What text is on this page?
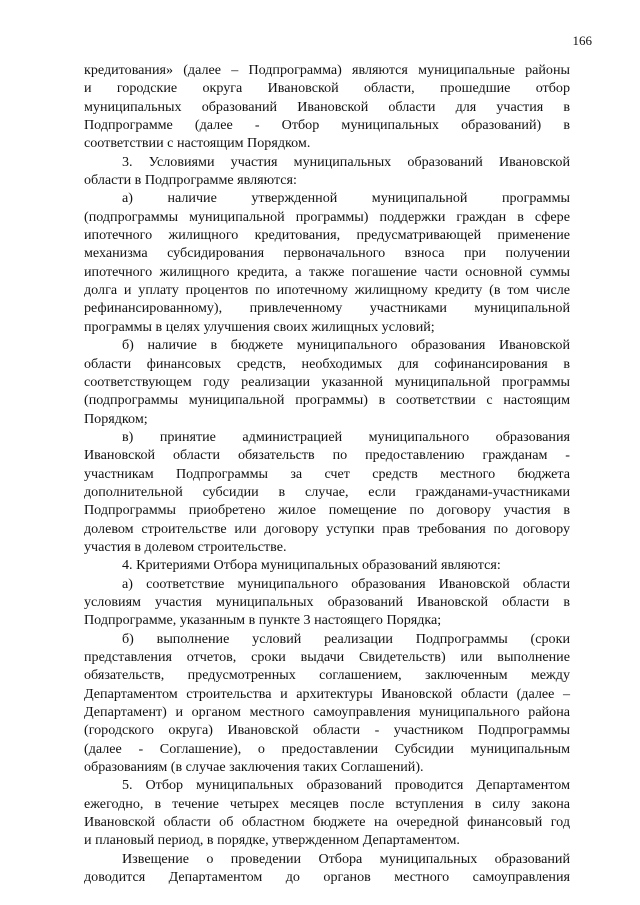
166
кредитования» (далее – Подпрограмма) являются муниципальные районы
и городские округа Ивановской области, прошедшие отбор
муниципальных образований Ивановской области для участия в
Подпрограмме (далее - Отбор муниципальных образований) в
соответствии с настоящим Порядком.
3. Условиями участия муниципальных образований Ивановской
области в Подпрограмме являются:
а) наличие утвержденной муниципальной программы
(подпрограммы муниципальной программы) поддержки граждан в сфере
ипотечного жилищного кредитования, предусматривающей применение
механизма субсидирования первоначального взноса при получении
ипотечного жилищного кредита, а также погашение части основной суммы
долга и уплату процентов по ипотечному жилищному кредиту (в том числе
рефинансированному), привлеченному участниками муниципальной
программы в целях улучшения своих жилищных условий;
б) наличие в бюджете муниципального образования Ивановской
области финансовых средств, необходимых для софинансирования в
соответствующем году реализации указанной муниципальной программы
(подпрограммы муниципальной программы) в соответствии с настоящим
Порядком;
в) принятие администрацией муниципального образования
Ивановской области обязательств по предоставлению гражданам -
участникам Подпрограммы за счет средств местного бюджета
дополнительной субсидии в случае, если гражданами-участниками
Подпрограммы приобретено жилое помещение по договору участия в
долевом строительстве или договору уступки прав требования по договору
участия в долевом строительстве.
4. Критериями Отбора муниципальных образований являются:
а) соответствие муниципального образования Ивановской области
условиям участия муниципальных образований Ивановской области в
Подпрограмме, указанным в пункте 3 настоящего Порядка;
б) выполнение условий реализации Подпрограммы (сроки
представления отчетов, сроки выдачи Свидетельств) или выполнение
обязательств, предусмотренных соглашением, заключенным между
Департаментом строительства и архитектуры Ивановской области (далее –
Департамент) и органом местного самоуправления муниципального района
(городского округа) Ивановской области - участником Подпрограммы
(далее - Соглашение), о предоставлении Субсидии муниципальным
образованиям (в случае заключения таких Соглашений).
5. Отбор муниципальных образований проводится Департаментом
ежегодно, в течение четырех месяцев после вступления в силу закона
Ивановской области об областном бюджете на очередной финансовый год
и плановый период, в порядке, утвержденном Департаментом.
Извещение о проведении Отбора муниципальных образований
доводится Департаментом до органов местного самоуправления
